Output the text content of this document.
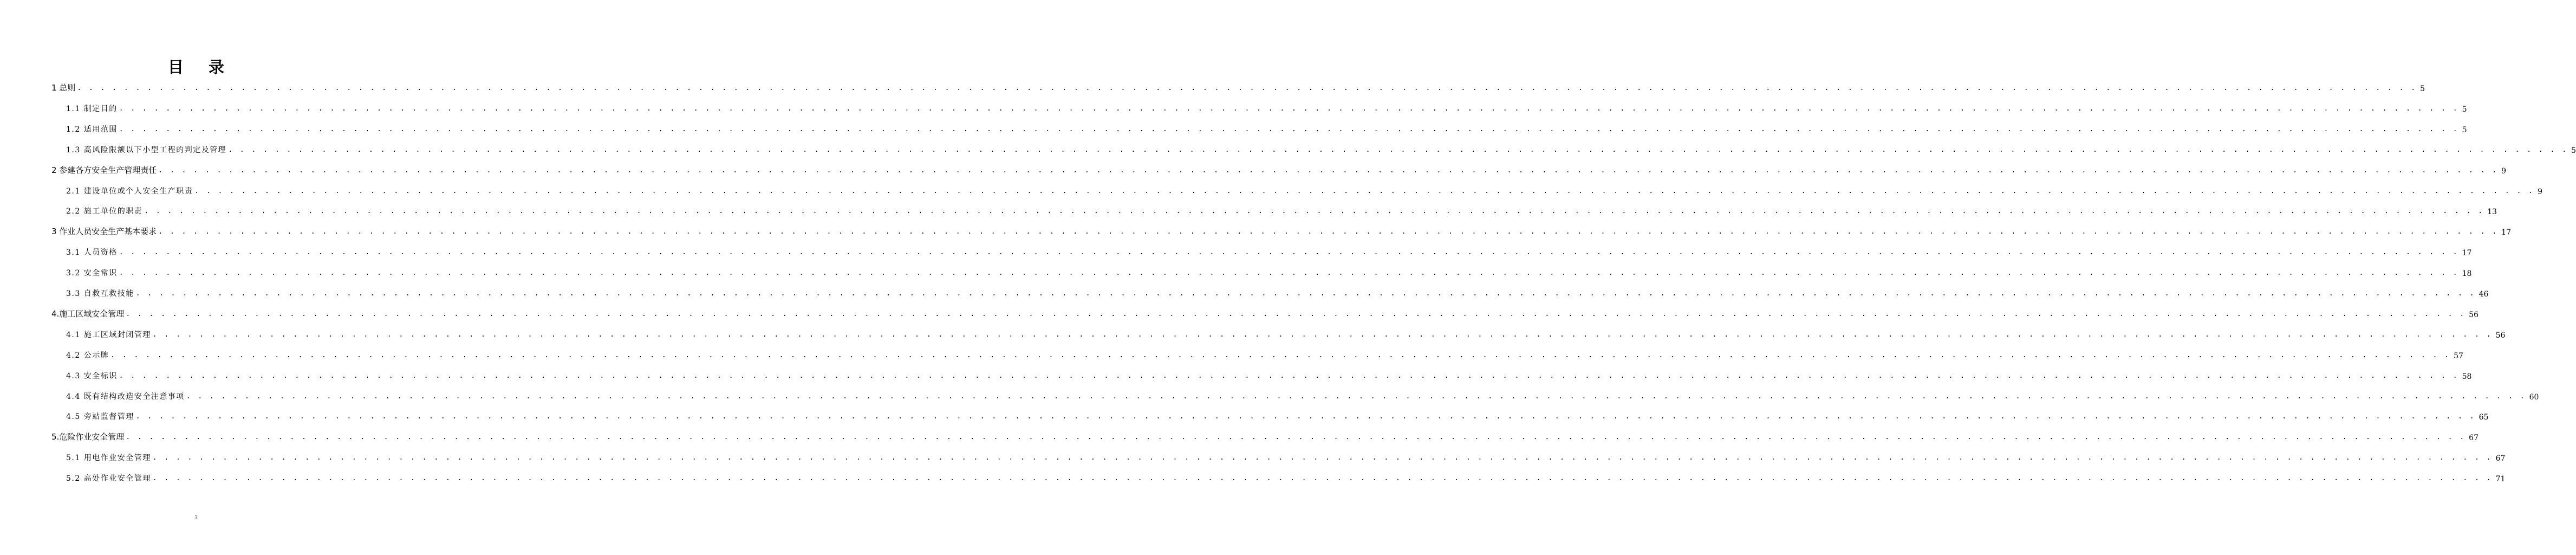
目 录
1 总则 . . . . . . . . . . . . . . . . . . . . . . . . . . . . . . . . . . . . . . . . . . . . . . . . . . . . . . . . . . . . . . . . . . . . . . . . . . . . . . . . . . . . . . . . . . . . . . . . . . . . . . . . . . . . . . . . . . . . . . . . . . . . . . . . . . . . . . . . . . . . . . . . . . . . . . . . . . . . . . . . . . . . . . . . . . . . . . . . . . . . . . . . . . . . . . . . . . . . . . . . 5
1.1 制定目的 . . . . . . . . . . . . . . . . . . . . . . . . . . . . . . . . . . . . . . . . . . . . . . . . . . . . . . . . . . . . . . . . . . . . . . . . . . . . . . . . . . . . . . . . . . . . . . . . . . . . . . . . . . . . . . . . . . . . . . . . . . . . . . . . . . . . . . . . . . . . . . . . . . . . . . . . . . . . . . . . . . . . . . . . . . . . . . . . . . . . . . . . . . . . . . . . . . . . . . . . 5
1.2 适用范围 . . . . . . . . . . . . . . . . . . . . . . . . . . . . . . . . . . . . . . . . . . . . . . . . . . . . . . . . . . . . . . . . . . . . . . . . . . . . . . . . . . . . . . . . . . . . . . . . . . . . . . . . . . . . . . . . . . . . . . . . . . . . . . . . . . . . . . . . . . . . . . . . . . . . . . . . . . . . . . . . . . . . . . . . . . . . . . . . . . . . . . . . . . . . . . . . . . . . . . . . 5
1.3 高风险限额以下小型工程的判定及管理 . . . . . . . . . . . . . . . . . . . . . . . . . . . . . . . . . . . . . . . . . . . . . . . . . . . . . . . . . . . . . . . . . . . . . . . . . . . . . . . . . . . . . . . . . . . . . . . . . . . . . . . . . . . . . . . . . . . . . . . . . . . . . . . . . . . . . . . . . . . . . . . . . . . . . . . . . . . . . . . . . . . . . . . . . . . . . . . . . . . . . . . . . . . . . . . . . . . . . . . . 5
2 参建各方安全生产管理责任 . . . . . . . . . . . . . . . . . . . . . . . . . . . . . . . . . . . . . . . . . . . . . . . . . . . . . . . . . . . . . . . . . . . . . . . . . . . . . . . . . . . . . . . . . . . . . . . . . . . . . . . . . . . . . . . . . . . . . . . . . . . . . . . . . . . . . . . . . . . . . . . . . . . . . . . . . . . . . . . . . . . . . . . . . . . . . . . . . . . . . . . . . . . . . . . . . . . . . . . . 9
2.1 建设单位或个人安全生产职责 . . . . . . . . . . . . . . . . . . . . . . . . . . . . . . . . . . . . . . . . . . . . . . . . . . . . . . . . . . . . . . . . . . . . . . . . . . . . . . . . . . . . . . . . . . . . . . . . . . . . . . . . . . . . . . . . . . . . . . . . . . . . . . . . . . . . . . . . . . . . . . . . . . . . . . . . . . . . . . . . . . . . . . . . . . . . . . . . . . . . . . . . . . . . . . . . . . . . . . . . 9
2.2 施工单位的职责 . . . . . . . . . . . . . . . . . . . . . . . . . . . . . . . . . . . . . . . . . . . . . . . . . . . . . . . . . . . . . . . . . . . . . . . . . . . . . . . . . . . . . . . . . . . . . . . . . . . . . . . . . . . . . . . . . . . . . . . . . . . . . . . . . . . . . . . . . . . . . . . . . . . . . . . . . . . . . . . . . . . . . . . . . . . . . . . . . . . . . . . . . . . . . . . . . . . . . . . . 13
3 作业人员安全生产基本要求 . . . . . . . . . . . . . . . . . . . . . . . . . . . . . . . . . . . . . . . . . . . . . . . . . . . . . . . . . . . . . . . . . . . . . . . . . . . . . . . . . . . . . . . . . . . . . . . . . . . . . . . . . . . . . . . . . . . . . . . . . . . . . . . . . . . . . . . . . . . . . . . . . . . . . . . . . . . . . . . . . . . . . . . . . . . . . . . . . . . . . . . . . . . . . . . . . . . . . . . . 17
3.1 人员资格 . . . . . . . . . . . . . . . . . . . . . . . . . . . . . . . . . . . . . . . . . . . . . . . . . . . . . . . . . . . . . . . . . . . . . . . . . . . . . . . . . . . . . . . . . . . . . . . . . . . . . . . . . . . . . . . . . . . . . . . . . . . . . . . . . . . . . . . . . . . . . . . . . . . . . . . . . . . . . . . . . . . . . . . . . . . . . . . . . . . . . . . . . . . . . . . . . . . . . . . . 17
3.2 安全常识 . . . . . . . . . . . . . . . . . . . . . . . . . . . . . . . . . . . . . . . . . . . . . . . . . . . . . . . . . . . . . . . . . . . . . . . . . . . . . . . . . . . . . . . . . . . . . . . . . . . . . . . . . . . . . . . . . . . . . . . . . . . . . . . . . . . . . . . . . . . . . . . . . . . . . . . . . . . . . . . . . . . . . . . . . . . . . . . . . . . . . . . . . . . . . . . . . . . . . . . . 18
3.3 自救互救技能 . . . . . . . . . . . . . . . . . . . . . . . . . . . . . . . . . . . . . . . . . . . . . . . . . . . . . . . . . . . . . . . . . . . . . . . . . . . . . . . . . . . . . . . . . . . . . . . . . . . . . . . . . . . . . . . . . . . . . . . . . . . . . . . . . . . . . . . . . . . . . . . . . . . . . . . . . . . . . . . . . . . . . . . . . . . . . . . . . . . . . . . . . . . . . . . . . . . . . . . . 46
4.施工区域安全管理 . . . . . . . . . . . . . . . . . . . . . . . . . . . . . . . . . . . . . . . . . . . . . . . . . . . . . . . . . . . . . . . . . . . . . . . . . . . . . . . . . . . . . . . . . . . . . . . . . . . . . . . . . . . . . . . . . . . . . . . . . . . . . . . . . . . . . . . . . . . . . . . . . . . . . . . . . . . . . . . . . . . . . . . . . . . . . . . . . . . . . . . . . . . . . . . . . . . . . . . . 56
4.1 施工区域封闭管理 . . . . . . . . . . . . . . . . . . . . . . . . . . . . . . . . . . . . . . . . . . . . . . . . . . . . . . . . . . . . . . . . . . . . . . . . . . . . . . . . . . . . . . . . . . . . . . . . . . . . . . . . . . . . . . . . . . . . . . . . . . . . . . . . . . . . . . . . . . . . . . . . . . . . . . . . . . . . . . . . . . . . . . . . . . . . . . . . . . . . . . . . . . . . . . . . . . . . . . . . 56
4.2 公示牌 . . . . . . . . . . . . . . . . . . . . . . . . . . . . . . . . . . . . . . . . . . . . . . . . . . . . . . . . . . . . . . . . . . . . . . . . . . . . . . . . . . . . . . . . . . . . . . . . . . . . . . . . . . . . . . . . . . . . . . . . . . . . . . . . . . . . . . . . . . . . . . . . . . . . . . . . . . . . . . . . . . . . . . . . . . . . . . . . . . . . . . . . . . . . . . . . . . . . . . . . 57
4.3 安全标识 . . . . . . . . . . . . . . . . . . . . . . . . . . . . . . . . . . . . . . . . . . . . . . . . . . . . . . . . . . . . . . . . . . . . . . . . . . . . . . . . . . . . . . . . . . . . . . . . . . . . . . . . . . . . . . . . . . . . . . . . . . . . . . . . . . . . . . . . . . . . . . . . . . . . . . . . . . . . . . . . . . . . . . . . . . . . . . . . . . . . . . . . . . . . . . . . . . . . . . . . 58
4.4 既有结构改造安全注意事项 . . . . . . . . . . . . . . . . . . . . . . . . . . . . . . . . . . . . . . . . . . . . . . . . . . . . . . . . . . . . . . . . . . . . . . . . . . . . . . . . . . . . . . . . . . . . . . . . . . . . . . . . . . . . . . . . . . . . . . . . . . . . . . . . . . . . . . . . . . . . . . . . . . . . . . . . . . . . . . . . . . . . . . . . . . . . . . . . . . . . . . . . . . . . . . . . . . . . . . . . 60
4.5 旁站监督管理 . . . . . . . . . . . . . . . . . . . . . . . . . . . . . . . . . . . . . . . . . . . . . . . . . . . . . . . . . . . . . . . . . . . . . . . . . . . . . . . . . . . . . . . . . . . . . . . . . . . . . . . . . . . . . . . . . . . . . . . . . . . . . . . . . . . . . . . . . . . . . . . . . . . . . . . . . . . . . . . . . . . . . . . . . . . . . . . . . . . . . . . . . . . . . . . . . . . . . . . . 65
5.危险作业安全管理 . . . . . . . . . . . . . . . . . . . . . . . . . . . . . . . . . . . . . . . . . . . . . . . . . . . . . . . . . . . . . . . . . . . . . . . . . . . . . . . . . . . . . . . . . . . . . . . . . . . . . . . . . . . . . . . . . . . . . . . . . . . . . . . . . . . . . . . . . . . . . . . . . . . . . . . . . . . . . . . . . . . . . . . . . . . . . . . . . . . . . . . . . . . . . . . . . . . . . . . . 67
5.1 用电作业安全管理 . . . . . . . . . . . . . . . . . . . . . . . . . . . . . . . . . . . . . . . . . . . . . . . . . . . . . . . . . . . . . . . . . . . . . . . . . . . . . . . . . . . . . . . . . . . . . . . . . . . . . . . . . . . . . . . . . . . . . . . . . . . . . . . . . . . . . . . . . . . . . . . . . . . . . . . . . . . . . . . . . . . . . . . . . . . . . . . . . . . . . . . . . . . . . . . . . . . . . . . . 67
5.2 高处作业安全管理 . . . . . . . . . . . . . . . . . . . . . . . . . . . . . . . . . . . . . . . . . . . . . . . . . . . . . . . . . . . . . . . . . . . . . . . . . . . . . . . . . . . . . . . . . . . . . . . . . . . . . . . . . . . . . . . . . . . . . . . . . . . . . . . . . . . . . . . . . . . . . . . . . . . . . . . . . . . . . . . . . . . . . . . . . . . . . . . . . . . . . . . . . . . . . . . . . . . . . . . . 71
3
